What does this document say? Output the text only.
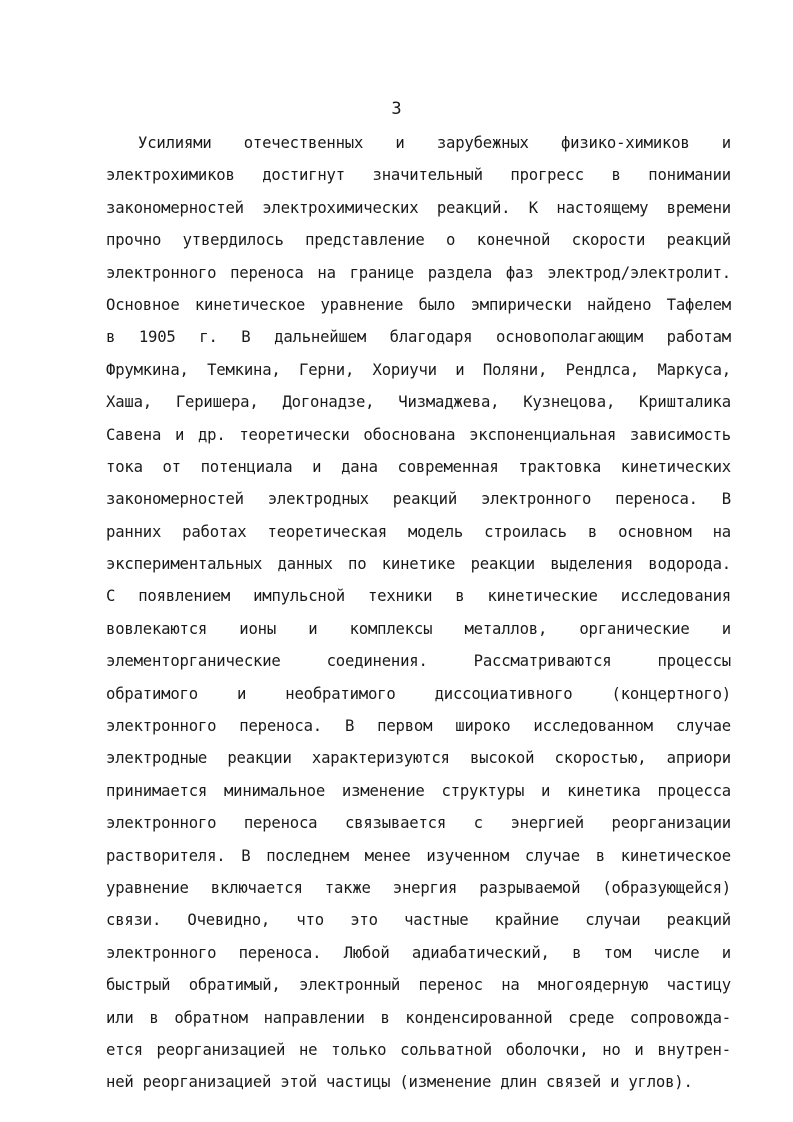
3
Усилиями отечественных и зарубежных физико-химиков и
электрохимиков достигнут значительный прогресс в понимании
закономерностей электрохимических реакций. К настоящему времени
прочно утвердилось представление о конечной скорости реакций
электронного переноса на границе раздела фаз электрод/электролит.
Основное кинетическое уравнение было эмпирически найдено Тафелем
в 1905 г. В дальнейшем благодаря основополагающим работам
Фрумкина, Темкина, Герни, Хориучи и Поляни, Рендлса, Маркуса,
Хаша, Геришера, Догонадзе, Чизмаджева, Кузнецова, Кришталика
Савена и др. теоретически обоснована экспоненциальная зависимость
тока от потенциала и дана современная трактовка кинетических
закономерностей электродных реакций электронного переноса. В
ранних работах теоретическая модель строилась в основном на
экспериментальных данных по кинетике реакции выделения водорода.
С появлением импульсной техники в кинетические исследования
вовлекаются ионы и комплексы металлов, органические и
элементорганические	соединения.	Рассматриваются	процессы
обратимого	и	необратимого	диссоциативного	(концертного)
электронного переноса. В первом широко исследованном случае
электродные реакции характеризуются высокой скоростью, априори
принимается минимальное изменение структуры и кинетика процесса
электронного переноса связывается с энергией реорганизации
растворителя. В последнем менее изученном случае в кинетическое
уравнение включается также энергия разрываемой (образующейся)
связи. Очевидно, что это частные крайние случаи реакций
электронного переноса. Любой адиабатический, в том числе и
быстрый обратимый, электронный перенос на многоядерную частицу
или в обратном направлении в конденсированной среде сопровожда-
ется реорганизацией не только сольватной оболочки, но и внутрен-
ней реорганизацией этой частицы (изменение длин связей и углов).
